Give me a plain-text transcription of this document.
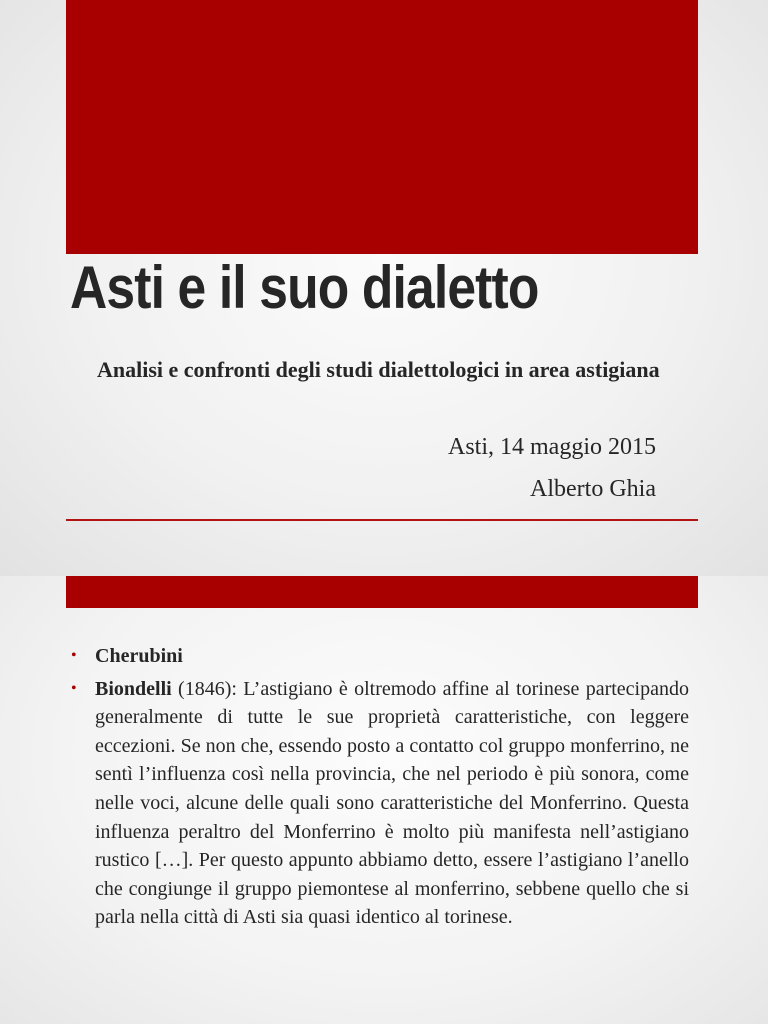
Asti e il suo dialetto

Analisi e confronti degli studi dialettologici in area astigiana

Asti, 14 maggio 2015

Alberto Ghia

• Cherubini
• Biondelli (1846): L’astigiano è oltremodo affine al torinese partecipando generalmente di tutte le sue proprietà caratteristiche, con leggere eccezioni. Se non che, essendo posto a contatto col gruppo monferrino, ne sentì l’influenza così nella provincia, che nel periodo è più sonora, come nelle voci, alcune delle quali sono caratteristiche del Monferrino. Questa influenza peraltro del Monferrino è molto più manifesta nell’astigiano rustico […]. Per questo appunto abbiamo detto, essere l’astigiano l’anello che congiunge il gruppo piemontese al monferrino, sebbene quello che si parla nella città di Asti sia quasi identico al torinese.
